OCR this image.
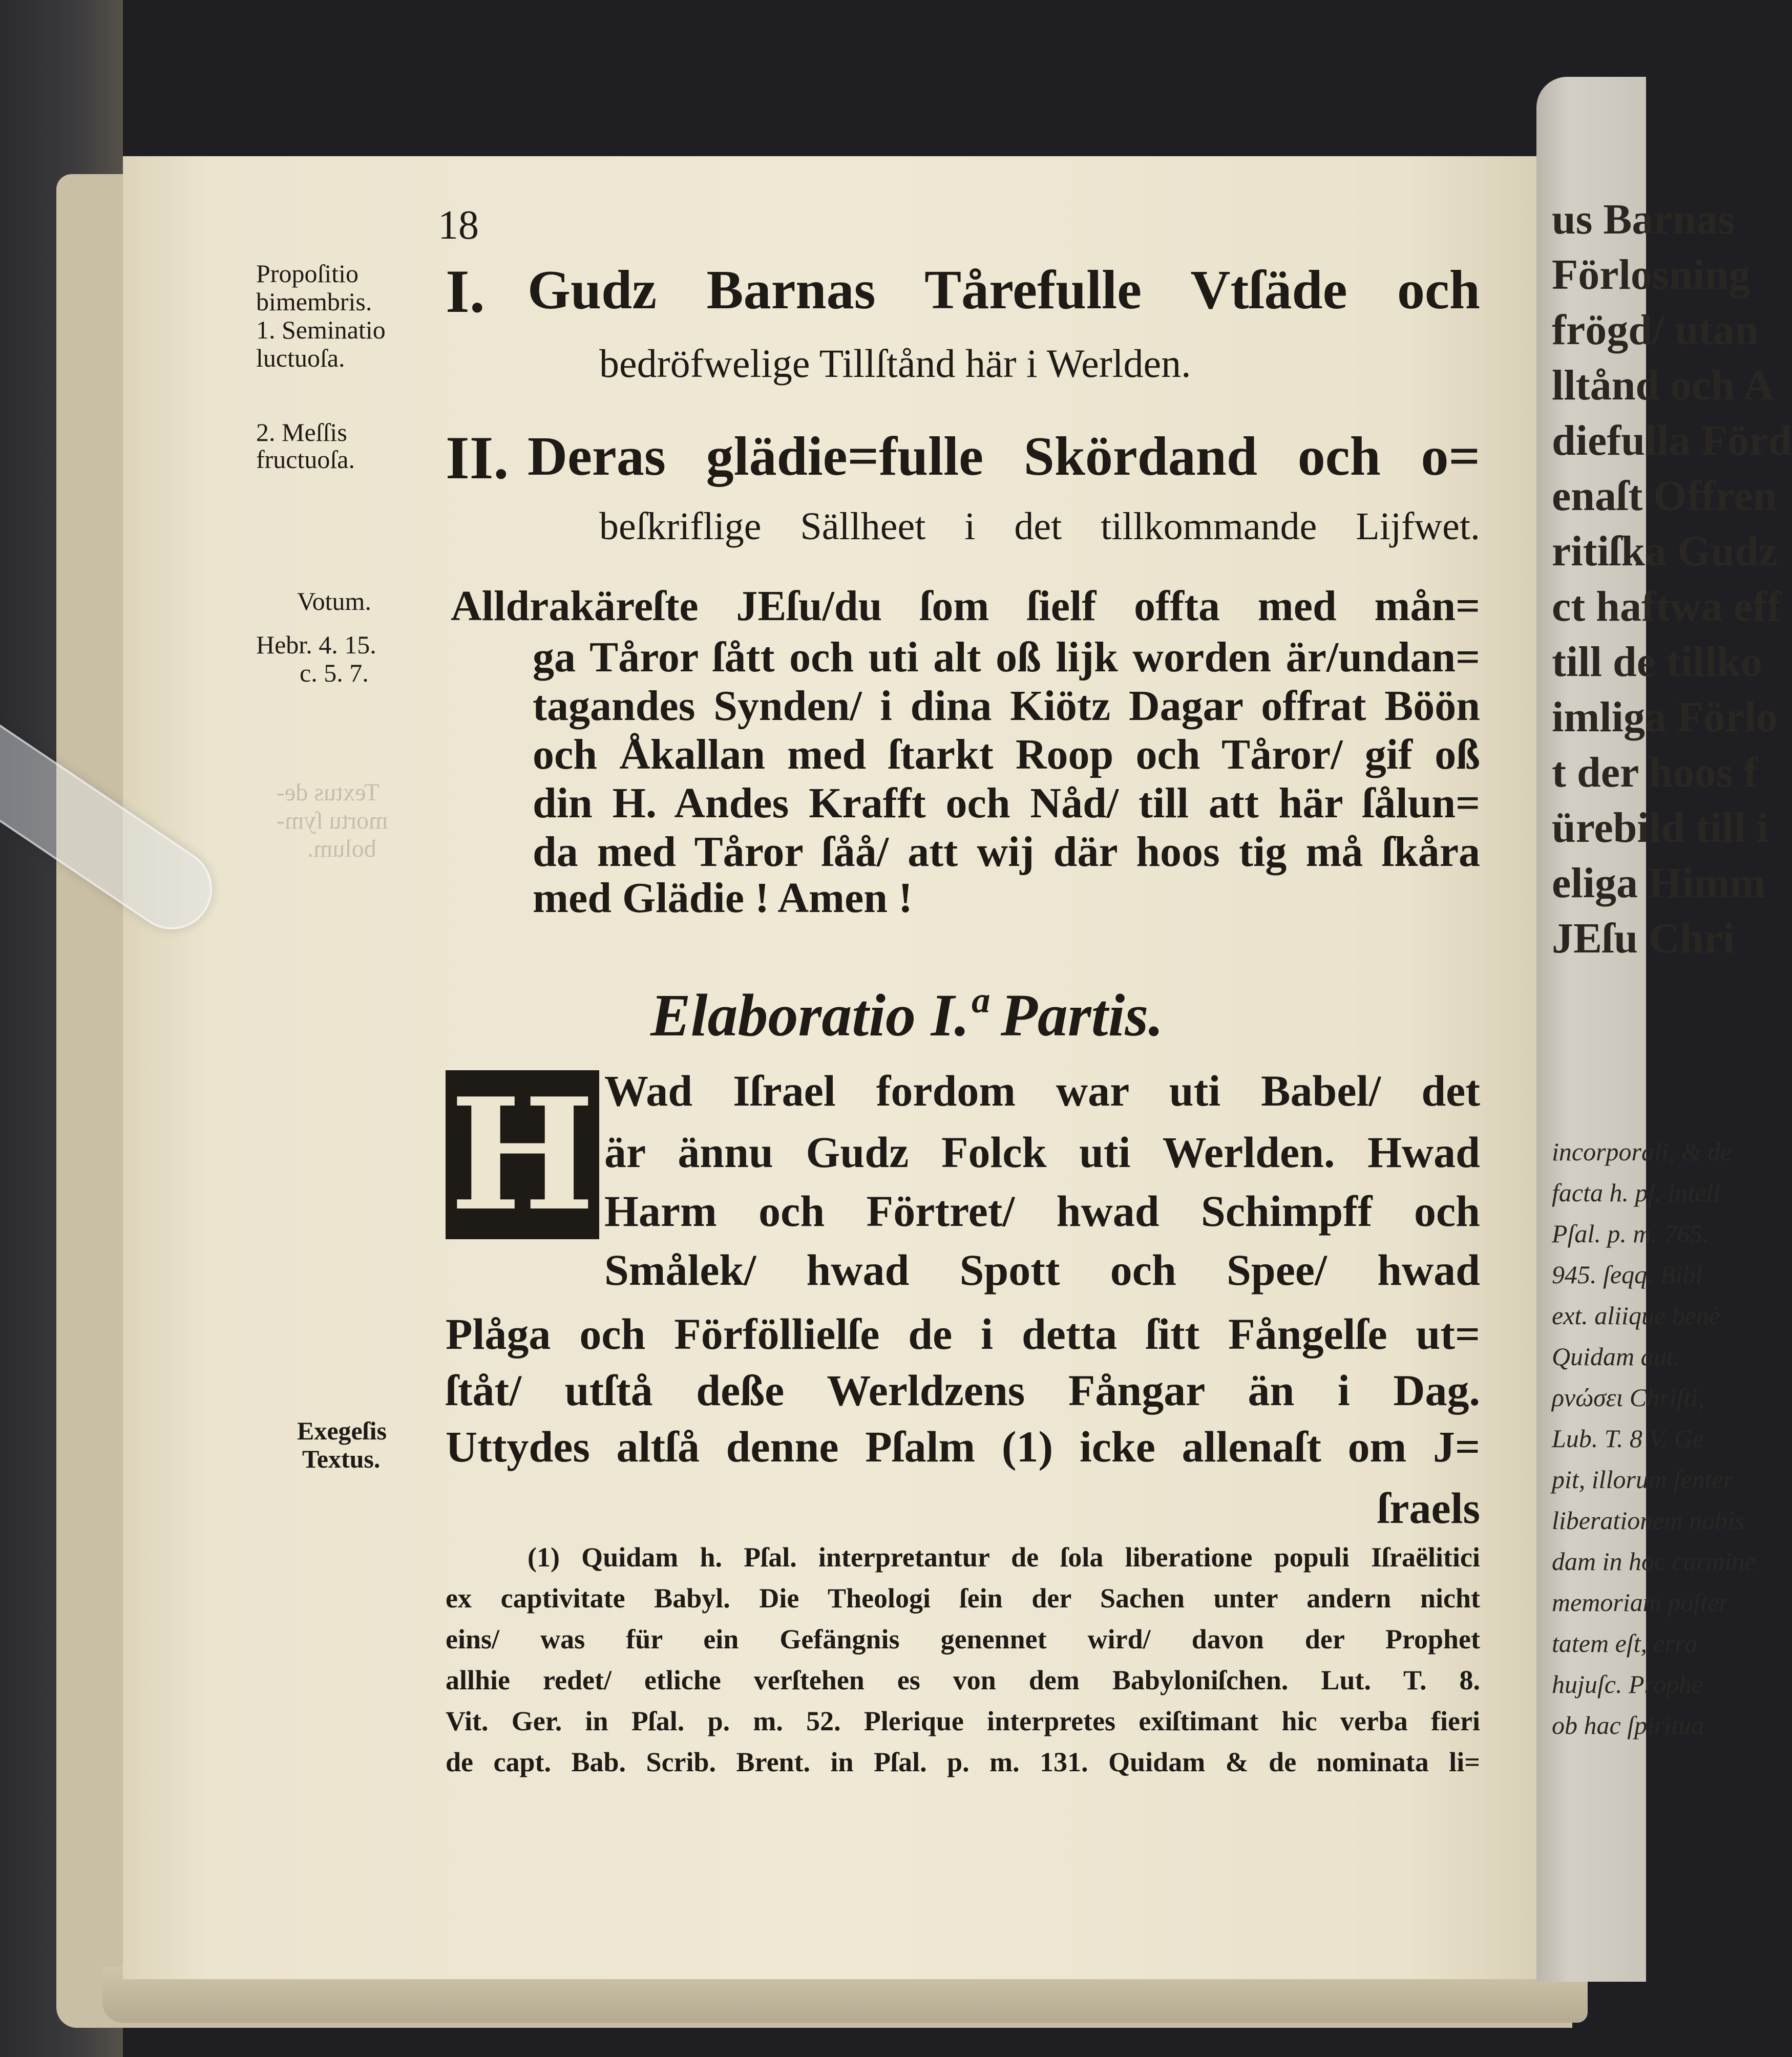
us Barnas
Förlosning
frögd/ utan
lltånd och A
diefulla Förd
enaſt Offren
ritiſka Gudz
ct haftwa eff
till de tillko
imliga Förlo
t der hoos f
ürebild till i
eliga Himm
JEſu Chri
incorporali, & de
facta h. pſ. intell
Pſal. p. m. 765.
945. ſeqq. Bibl
ext. aliique benè
Quidam aut.
ρνώσει Chriſti,
Lub. T. 8 V. Ge
pit, illorum ſenter
liberationem nobis
dam in hoc carmine
memoriam poſter
tatem eſt, erra
hujuſc. Prophe
ob hac ſpiritua
18
Propoſitio
bimembris.
1. Seminatio
luctuoſa.
2. Meſſis
fructuoſa.
Votum.
Hebr. 4. 15.
c. 5. 7.
Exegeſis
Textus.
Textus de-
mortu ſym-
bolum.
I. Gudz Barnas Tårefulle Vtſäde och
bedröfwelige Tillſtånd här i Werlden.
II. Deras glädie=fulle Skördand och o=
beſkriflige Sällheet i det tillkommande Lijfwet.
Alldrakäreſte JEſu/du ſom ſielf offta med mån=
ga Tåror ſått och uti alt oß lijk worden är/undan=
tagandes Synden/ i dina Kiötz Dagar offrat Böön
och Åkallan med ſtarkt Roop och Tåror/ gif oß
din H. Andes Krafft och Nåd/ till att här ſålun=
da med Tåror ſåå/ att wij där hoos tig må ſkåra
med Glädie ! Amen !
Elaboratio I.ª Partis.
H Wad Iſrael fordom war uti Babel/ det
är ännu Gudz Folck uti Werlden. Hwad
Harm och Förtret/ hwad Schimpff och
Smålek/ hwad Spott och Spee/ hwad
Plåga och Förföllielſe de i detta ſitt Fångelſe ut=
ſtåt/ utſtå deße Werldzens Fångar än i Dag.
Uttydes altſå denne Pſalm (1) icke allenaſt om J=
ſraels
(1) Quidam h. Pſal. interpretantur de ſola liberatione populi Iſraëlitici
ex captivitate Babyl. Die Theologi ſein der Sachen unter andern nicht
eins/ was für ein Gefängnis genennet wird/ davon der Prophet
allhie redet/ etliche verſtehen es von dem Babyloniſchen. Lut. T. 8.
Vit. Ger. in Pſal. p. m. 52. Plerique interpretes exiſtimant hic verba fieri
de capt. Bab. Scrib. Brent. in Pſal. p. m. 131. Quidam & de nominata li=
